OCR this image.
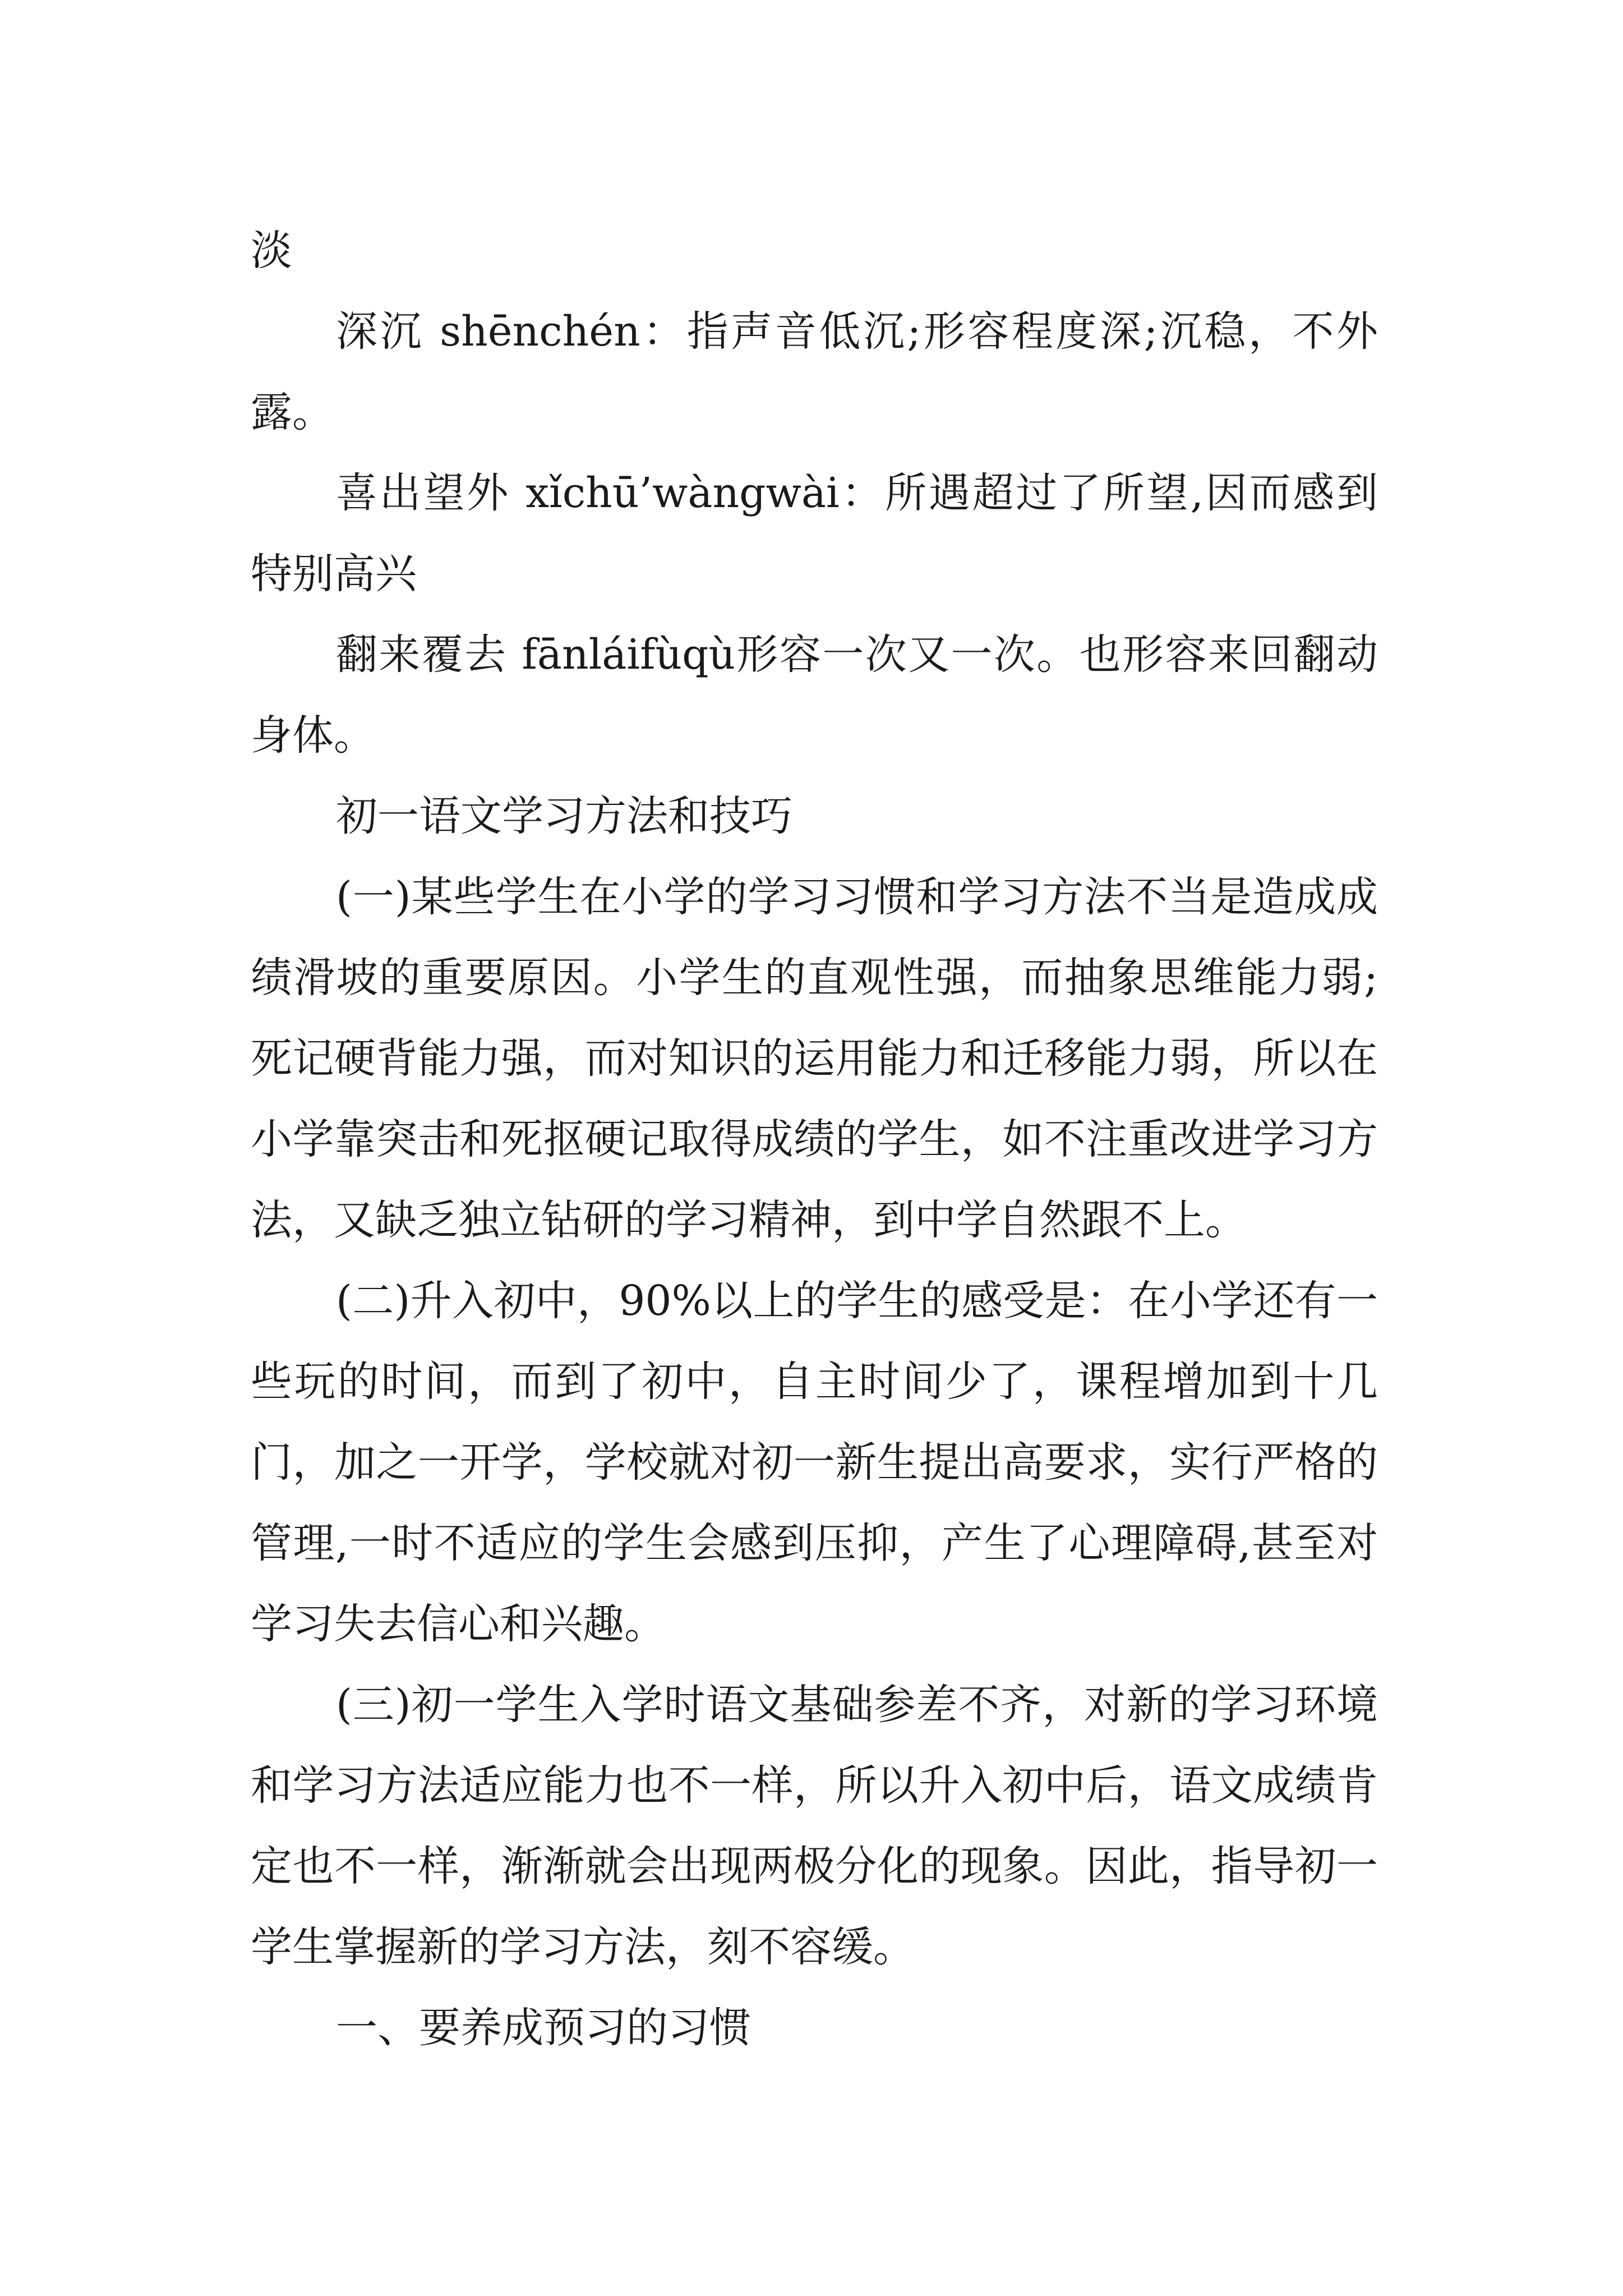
淡

深沉 shēnchén：指声音低沉;形容程度深;沉稳，不外露。

喜出望外 xǐchū’wàngwài：所遇超过了所望,因而感到特别高兴

翻来覆去 fānláifùqù形容一次又一次。也形容来回翻动身体。

初一语文学习方法和技巧

(一)某些学生在小学的学习习惯和学习方法不当是造成成绩滑坡的重要原因。小学生的直观性强，而抽象思维能力弱;死记硬背能力强，而对知识的运用能力和迁移能力弱，所以在小学靠突击和死抠硬记取得成绩的学生，如不注重改进学习方法，又缺乏独立钻研的学习精神，到中学自然跟不上。

(二)升入初中，90%以上的学生的感受是：在小学还有一些玩的时间，而到了初中，自主时间少了，课程增加到十几门，加之一开学，学校就对初一新生提出高要求，实行严格的管理,一时不适应的学生会感到压抑，产生了心理障碍,甚至对学习失去信心和兴趣。

(三)初一学生入学时语文基础参差不齐，对新的学习环境和学习方法适应能力也不一样，所以升入初中后，语文成绩肯定也不一样，渐渐就会出现两极分化的现象。因此，指导初一学生掌握新的学习方法，刻不容缓。

一、要养成预习的习惯
